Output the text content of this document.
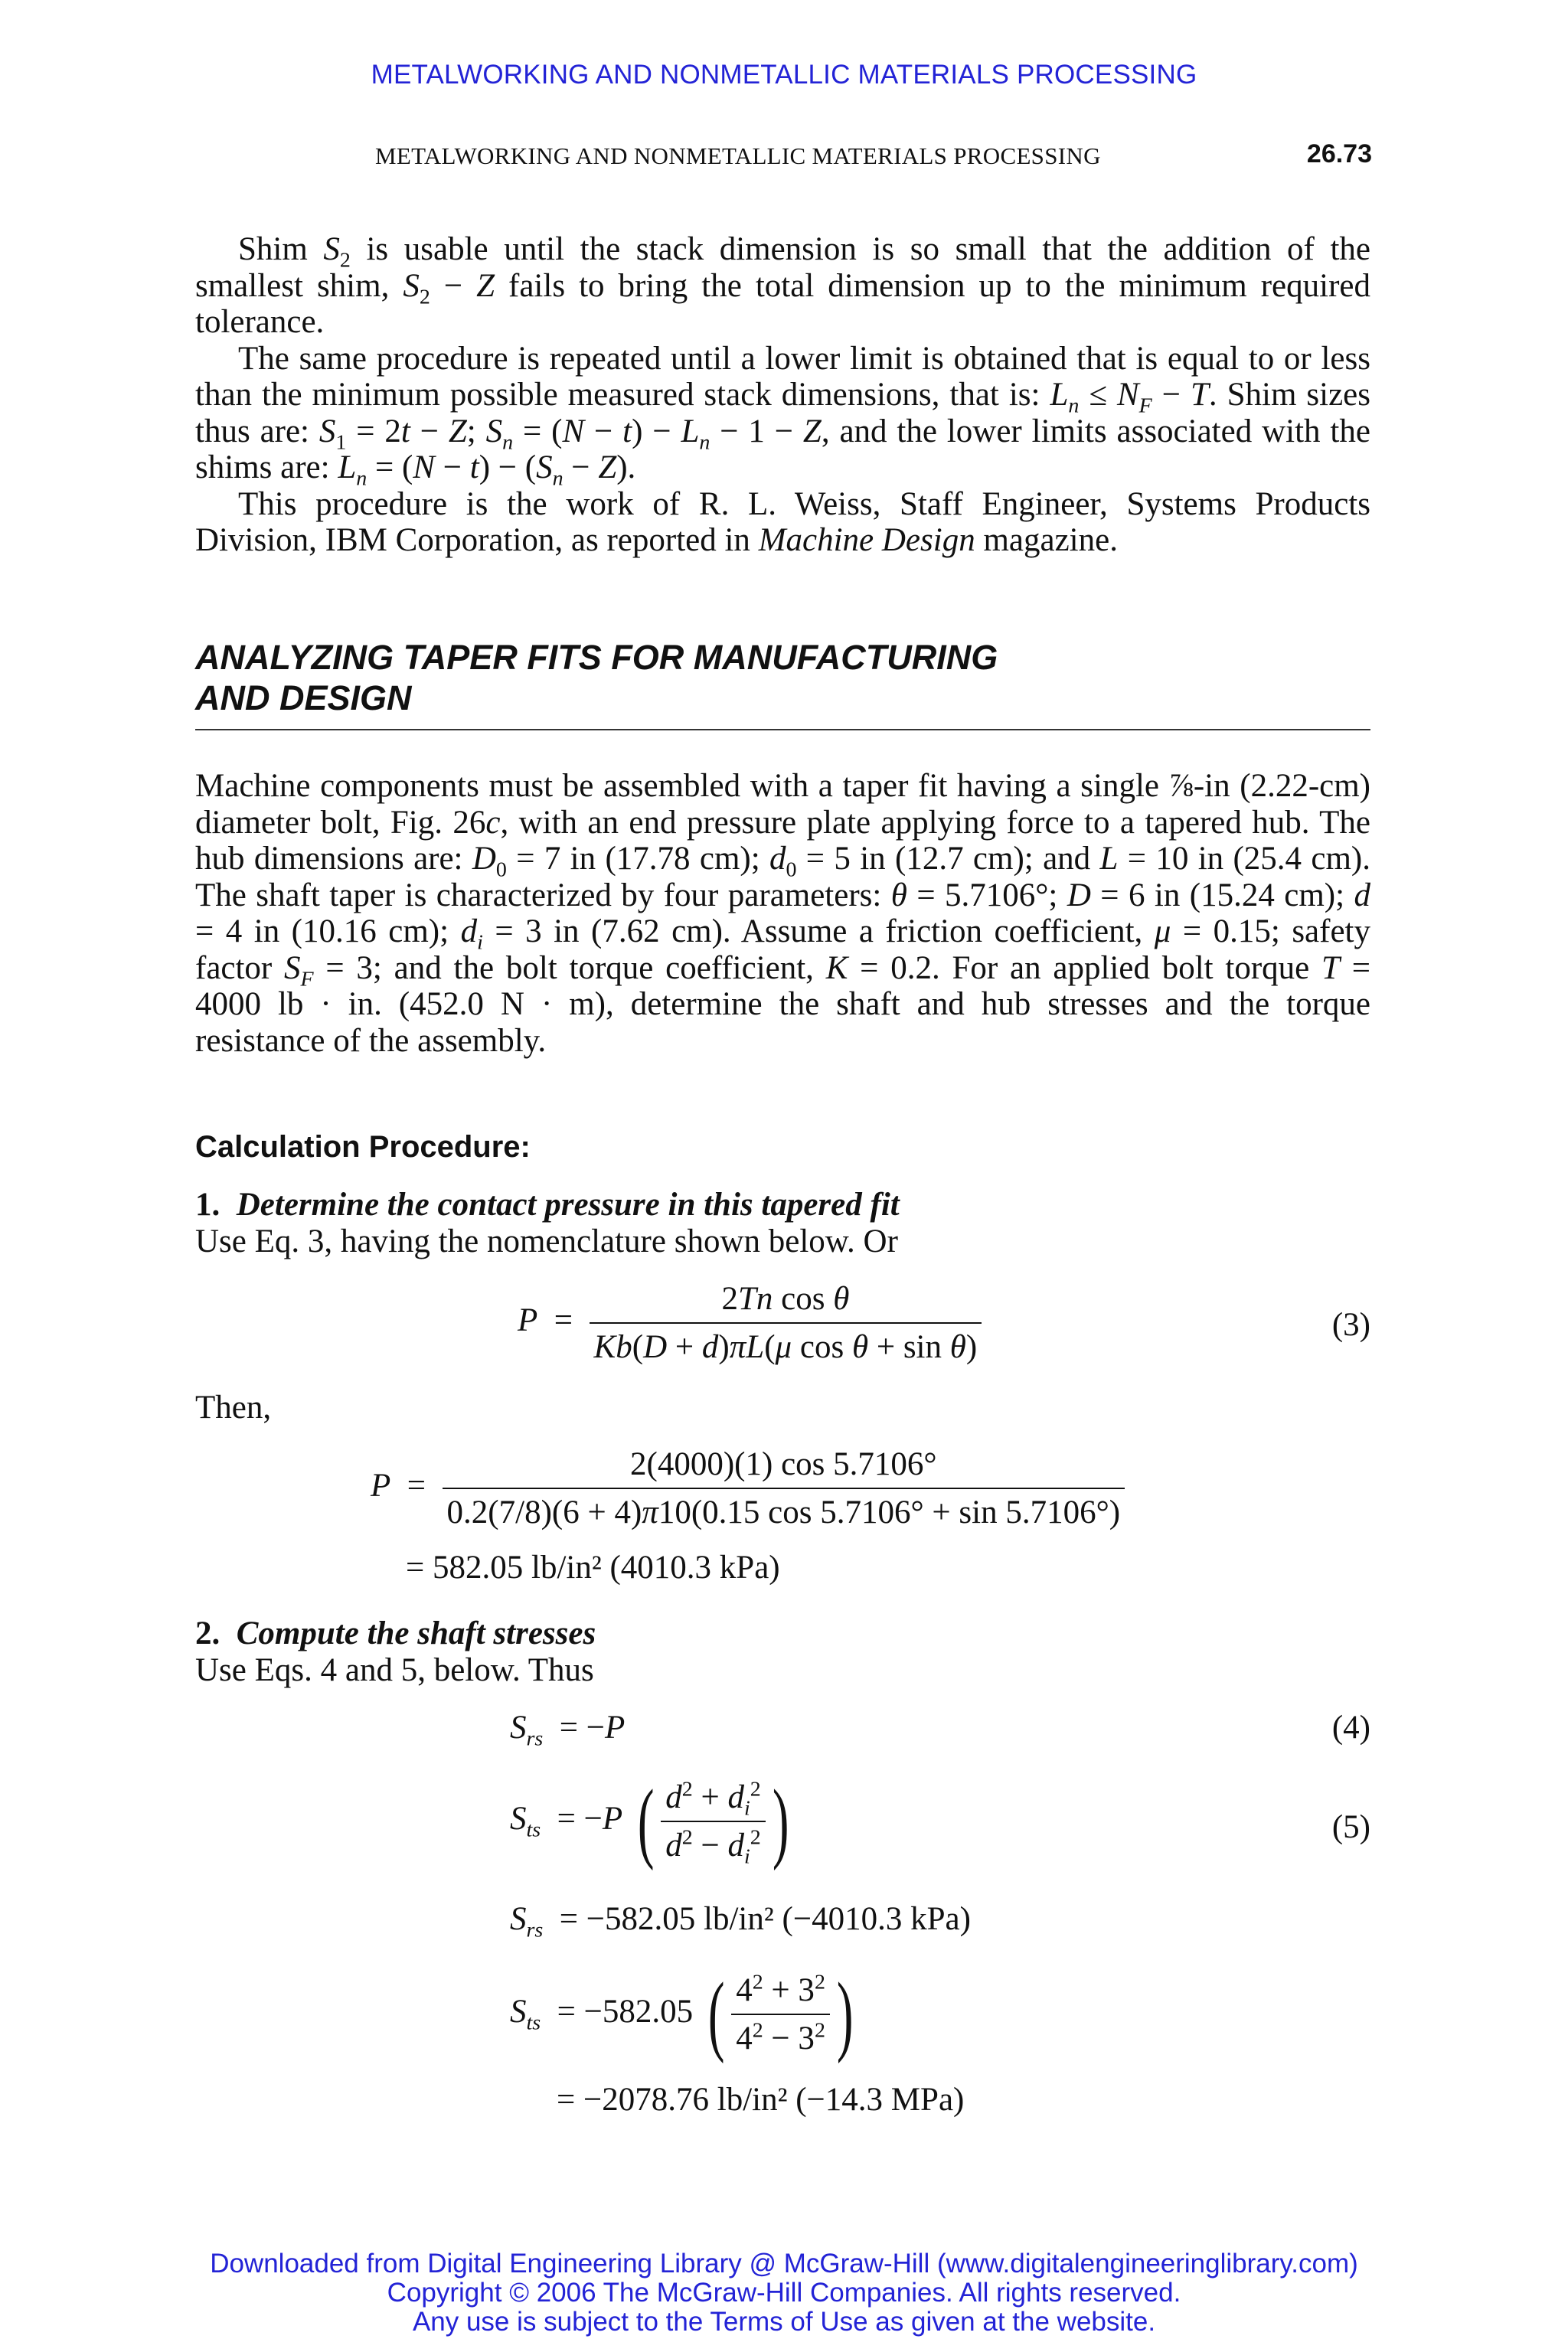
METALWORKING AND NONMETALLIC MATERIALS PROCESSING
METALWORKING AND NONMETALLIC MATERIALS PROCESSING	26.73

Shim $S_2$ is usable until the stack dimension is so small that the addition of the smallest shim, $S_2 - Z$ fails to bring the total dimension up to the minimum required tolerance.

The same procedure is repeated until a lower limit is obtained that is equal to or less than the minimum possible measured stack dimensions, that is: $L_n \le N_F - T$. Shim sizes thus are: $S_1 = 2t - Z$; $S_n = (N - t) - L_n - 1 - Z$, and the lower limits associated with the shims are: $L_n = (N - t) - (S_n - Z)$.

This procedure is the work of R. L. Weiss, Staff Engineer, Systems Products Division, IBM Corporation, as reported in Machine Design magazine.

ANALYZING TAPER FITS FOR MANUFACTURING
AND DESIGN
Machine components must be assembled with a taper fit having a single ⅞-in (2.22-cm) diameter bolt, Fig. 26c, with an end pressure plate applying force to a tapered hub. The hub dimensions are: $D_0 = 7$ in (17.78 cm); $d_0 = 5$ in (12.7 cm); and L = 10 in (25.4 cm). The shaft taper is characterized by four parameters: θ = 5.7106°; D = 6 in (15.24 cm); d = 4 in (10.16 cm); $d_i = 3$ in (7.62 cm). Assume a friction coefficient, μ = 0.15; safety factor $S_F = 3$; and the bolt torque coefficient, K = 0.2. For an applied bolt torque T = 4000 lb · in. (452.0 N · m), determine the shaft and hub stresses and the torque resistance of the assembly.
Calculation Procedure:
1. Determine the contact pressure in this tapered fit
Use Eq. 3, having the nomenclature shown below. Or
$P = \frac{\text{2Tn cos θ}}{\text{Kb(D + d)πL(μ cos θ + sin θ)}}$	(3)
Then,
$P = \frac{2(4000)(1) \cos 5.7106^\circ}{0.2(7/8)(6 + 4)\pi 10(0.15 \cos 5.7106^\circ + \sin 5.7106^\circ)}$
= 582.05 lb/in² (4010.3 kPa)
2. Compute the shaft stresses
Use Eqs. 4 and 5, below. Thus
$S_{rs} = -P$	(4)
$S_{ts} = -P$ ( $\frac{d^2 + d_i^2}{d^2 - d_i^2}$ )	(5)
$S_{rs} = -582.05$ lb/in² (−4010.3 kPa)
$S_{ts} = -582.05$ ( $\frac{4^2 + 3^2}{4^2 - 3^2}$ )
= −2078.76 lb/in² (−14.3 MPa)
Downloaded from Digital Engineering Library @ McGraw-Hill (www.digitalengineeringlibrary.com)
Copyright © 2006 The McGraw-Hill Companies. All rights reserved.
Any use is subject to the Terms of Use as given at the website.
